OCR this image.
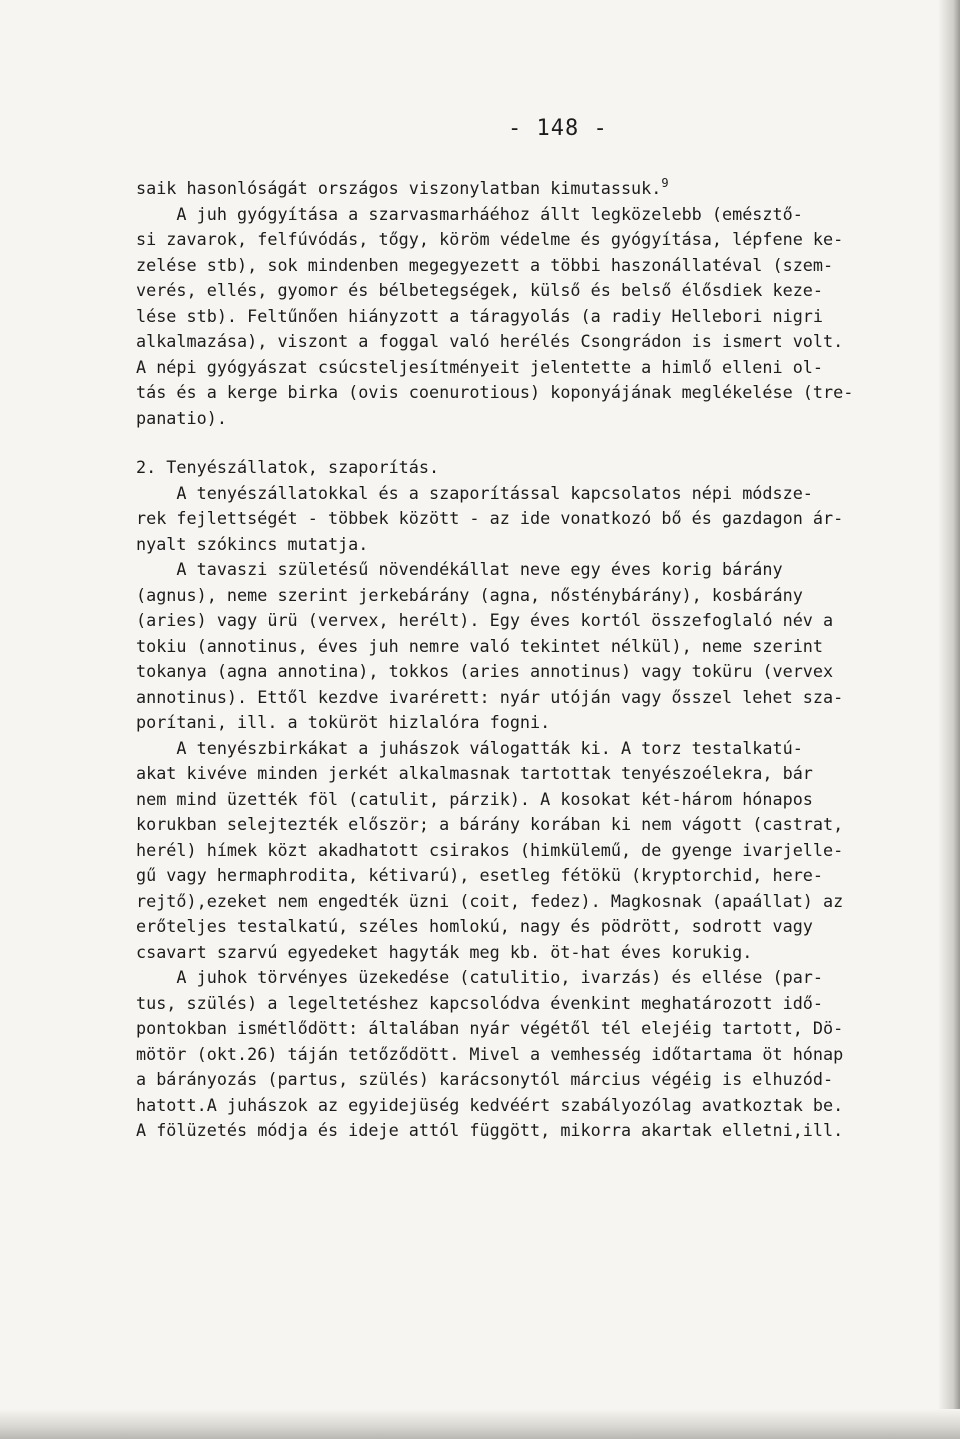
- 148 -
saik hasonlóságát országos viszonylatban kimutassuk.$^9$
A juh gyógyítása a szarvasmarháéhoz állt legközelebb (emésztő-
si zavarok, felfúvódás, tőgy, köröm védelme és gyógyítása, lépfene ke-
zelése stb), sok mindenben megegyezett a többi haszonállatéval (szem-
verés, ellés, gyomor és bélbetegségek, külső és belső élősdiek keze-
lése stb). Feltűnően hiányzott a táragyolás (a radiy Hellebori nigri
alkalmazása), viszont a foggal való herélés Csongrádon is ismert volt.
A népi gyógyászat csúcsteljesítményeit jelentette a himlő elleni ol-
tás és a kerge birka (ovis coenurotious) koponyájának meglékelése (tre-
panatio).
2. Tenyészállatok, szaporítás.
A tenyészállatokkal és a szaporítással kapcsolatos népi módsze-
rek fejlettségét - többek között - az ide vonatkozó bő és gazdagon ár-
nyalt szókincs mutatja.
A tavaszi születésű növendékállat neve egy éves korig bárány
(agnus), neme szerint jerkebárány (agna, nősténybárány), kosbárány
(aries) vagy ürü (vervex, herélt). Egy éves kortól összefoglaló név a
tokiu (annotinus, éves juh nemre való tekintet nélkül), neme szerint
tokanya (agna annotina), tokkos (aries annotinus) vagy toküru (vervex
annotinus). Ettől kezdve ivarérett: nyár utóján vagy ősszel lehet sza-
porítani, ill. a toküröt hizlalóra fogni.
A tenyészbirkákat a juhászok válogatták ki. A torz testalkatú-
akat kivéve minden jerkét alkalmasnak tartottak tenyészoélekra, bár
nem mind üzették föl (catulit, párzik). A kosokat két-három hónapos
korukban selejtezték először; a bárány korában ki nem vágott (castrat,
herél) hímek közt akadhatott csirakos (himkülemű, de gyenge ivarjelle-
gű vagy hermaphrodita, kétivarú), esetleg fétökü (kryptorchid, here-
rejtő),ezeket nem engedték üzni (coit, fedez). Magkosnak (apaállat) az
erőteljes testalkatú, széles homlokú, nagy és pödrött, sodrott vagy
csavart szarvú egyedeket hagyták meg kb. öt-hat éves korukig.
A juhok törvényes üzekedése (catulitio, ivarzás) és ellése (par-
tus, szülés) a legeltetéshez kapcsolódva évenkint meghatározott idő-
pontokban ismétlődött: általában nyár végétől tél elejéig tartott, Dö-
mötör (okt.26) táján tetőződött. Mivel a vemhesség időtartama öt hónap
a bárányozás (partus, szülés) karácsonytól március végéig is elhuzód-
hatott.A juhászok az egyidejüség kedvéért szabályozólag avatkoztak be.
A fölüzetés módja és ideje attól függött, mikorra akartak elletni,ill.
